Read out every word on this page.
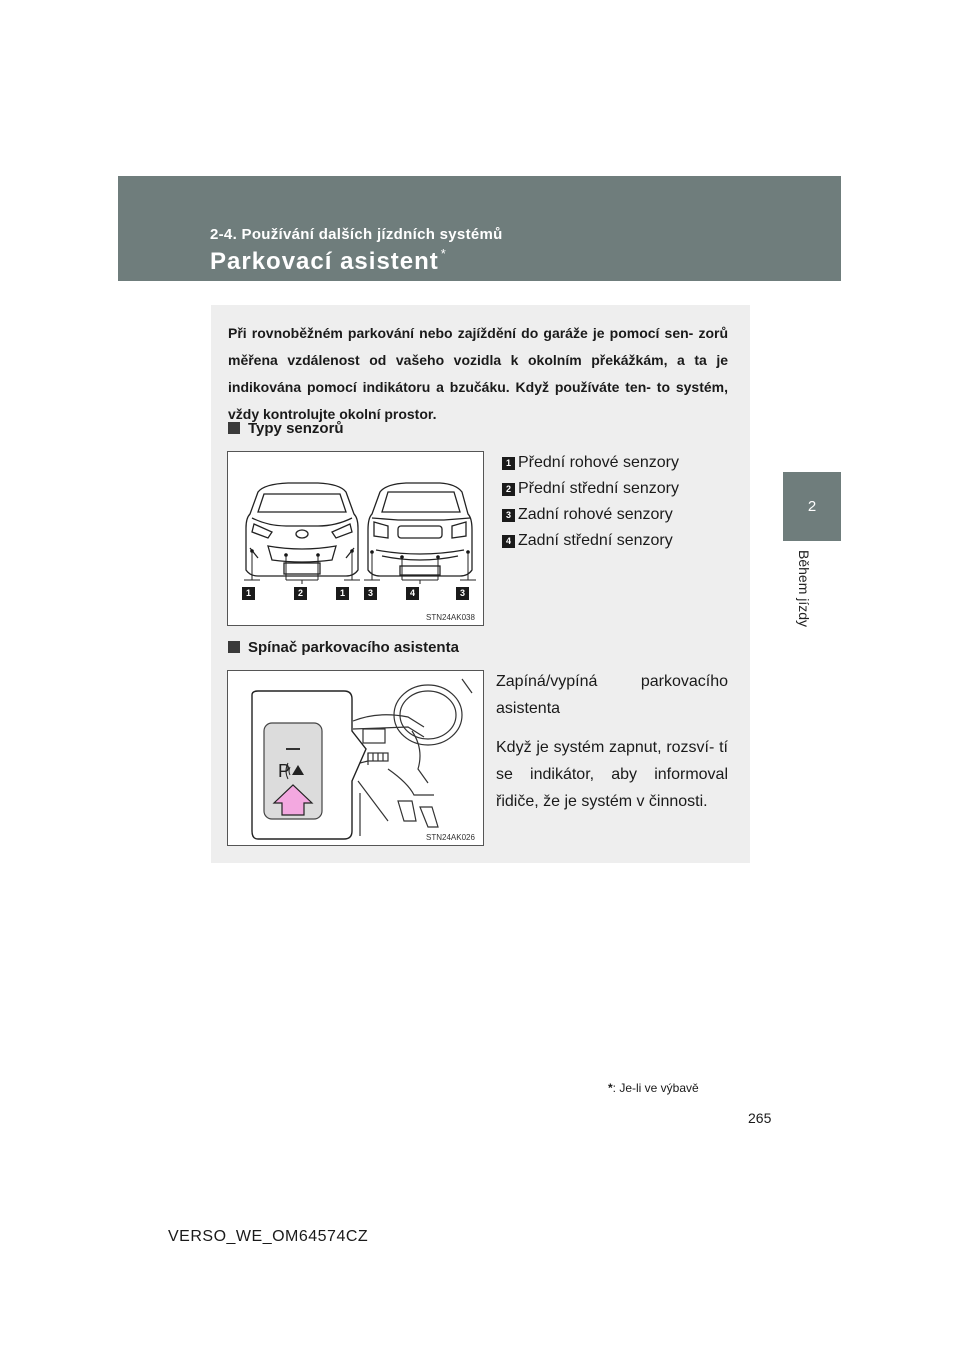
2-4. Používání dalších jízdních systémů
Parkovací asistent *
2
2
Během jízdy
Při rovnoběžném parkování nebo zajíždění do garáže je pomocí sen- zorů měřena vzdálenost od vašeho vozidla k okolním překážkám, a ta je indikována pomocí indikátoru a bzučáku. Když používáte ten- to systém, vždy kontrolujte okolní prostor.
Typy senzorů
1	2	1	3	4	3
STN24AK038
1 Přední rohové senzory
2 Přední střední senzory
3 Zadní rohové senzory
4 Zadní střední senzory
Spínač parkovacího asistenta
P
STN24AK026

Zapíná/vypíná parkovacího asistenta

Když je systém zapnut, rozsví- tí se indikátor, aby informoval řidiče, že je systém v činnosti.

*: Je-li ve výbavě
265
VERSO_WE_OM64574CZ
